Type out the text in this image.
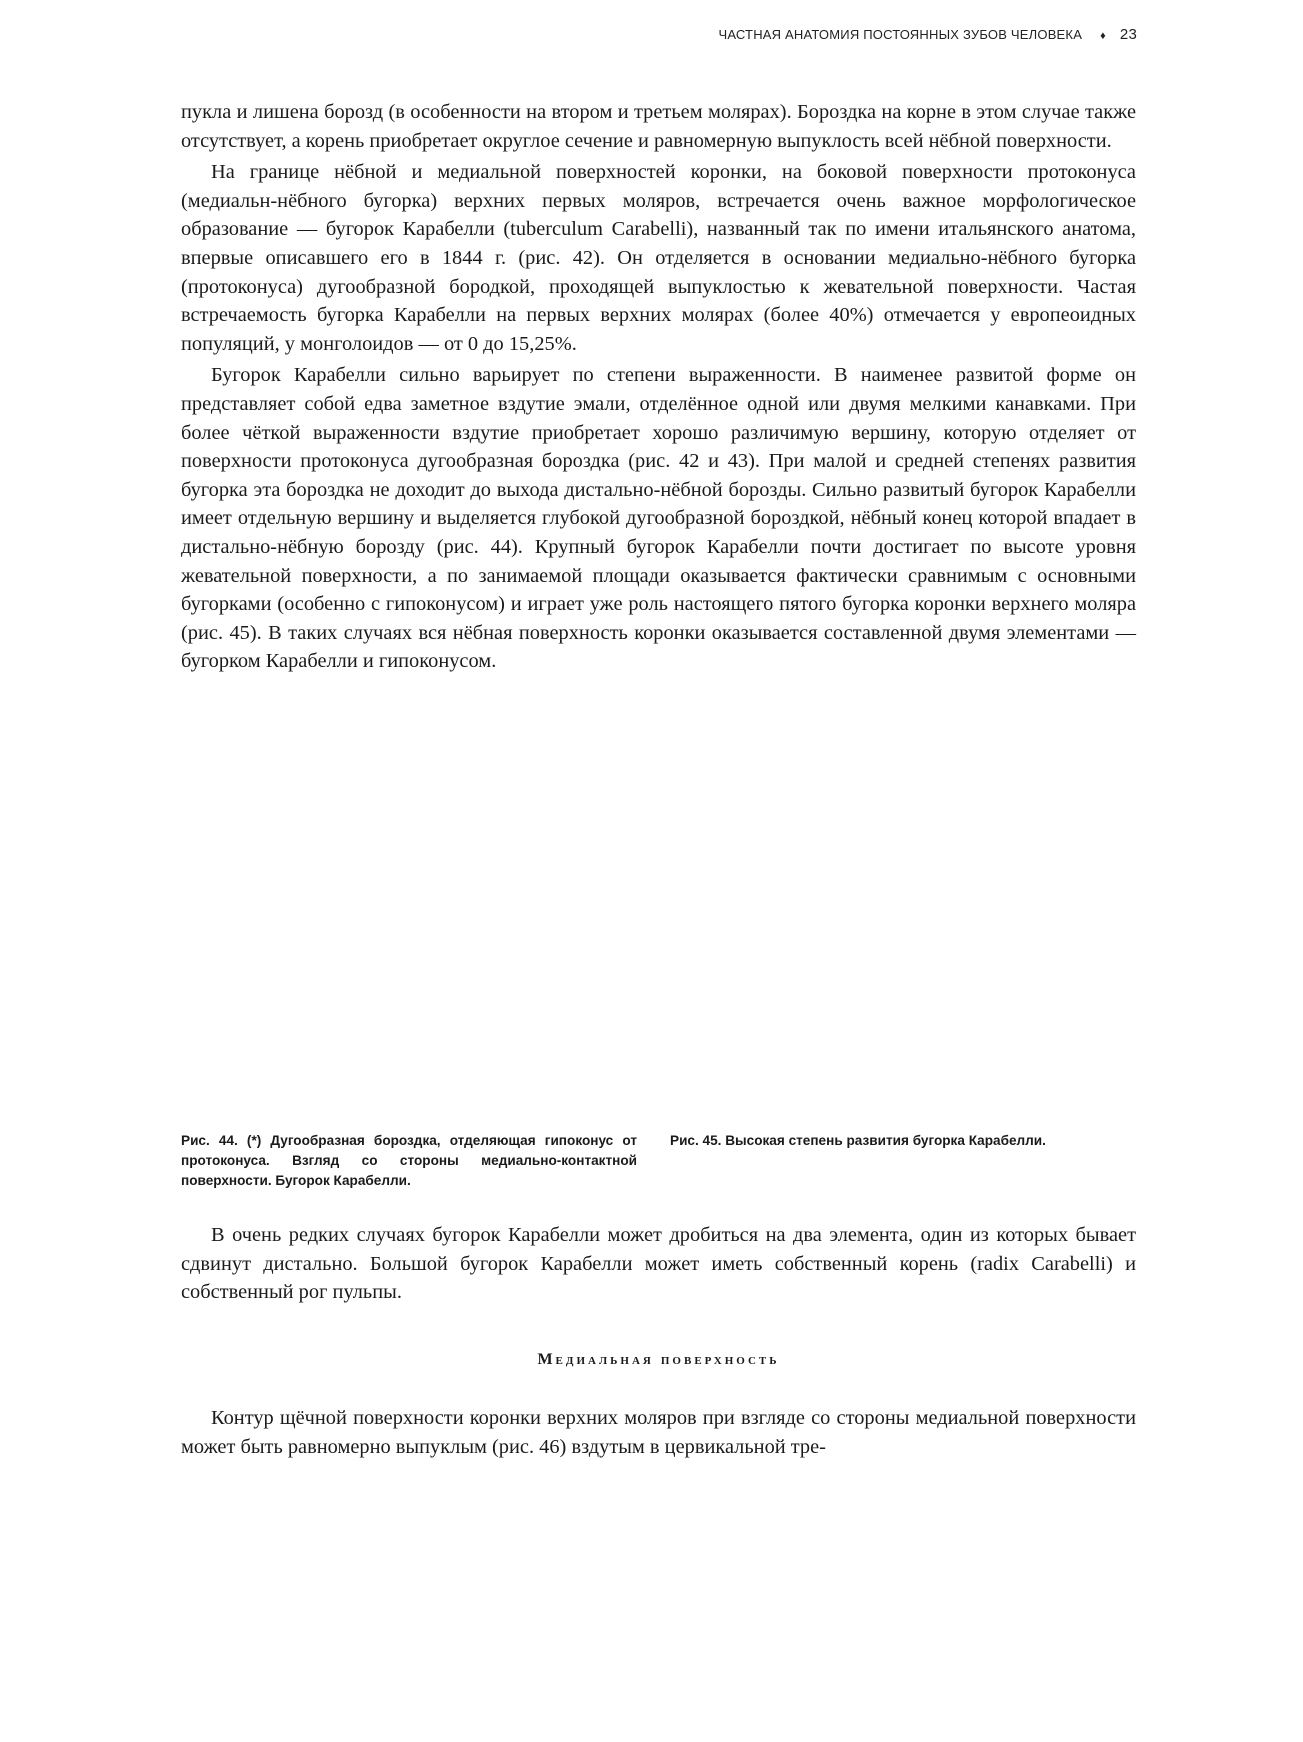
ЧАСТНАЯ АНАТОМИЯ ПОСТОЯННЫХ ЗУБОВ ЧЕЛОВЕКА ♦ 23

пукла и лишена борозд (в особенности на втором и третьем молярах). Бороздка на корне в этом случае также отсутствует, а корень приобретает округлое сечение и равномерную выпуклость всей нёбной поверхности.

На границе нёбной и медиальной поверхностей коронки, на боковой поверхности протоконуса (медиальн-нёбного бугорка) верхних первых моляров, встречается очень важное морфологическое образование — бугорок Карабелли (tuberculum Carabelli), названный так по имени итальянского анатома, впервые описавшего его в 1844 г. (рис. 42). Он отделяется в основании медиально-нёбного бугорка (протоконуса) дугообразной бородкой, проходящей выпуклостью к жевательной поверхности. Частая встречаемость бугорка Карабелли на первых верхних молярах (более 40%) отмечается у европеоидных популяций, у монголоидов — от 0 до 15,25%.

Бугорок Карабелли сильно варьирует по степени выраженности. В наименее развитой форме он представляет собой едва заметное вздутие эмали, отделённое одной или двумя мелкими канавками. При более чёткой выраженности вздутие приобретает хорошо различимую вершину, которую отделяет от поверхности протоконуса дугообразная бороздка (рис. 42 и 43). При малой и средней степенях развития бугорка эта бороздка не доходит до выхода дистально-нёбной борозды. Сильно развитый бугорок Карабелли имеет отдельную вершину и выделяется глубокой дугообразной бороздкой, нёбный конец которой впадает в дистально-нёбную борозду (рис. 44). Крупный бугорок Карабелли почти достигает по высоте уровня жевательной поверхности, а по занимаемой площади оказывается фактически сравнимым с основными бугорками (особенно с гипоконусом) и играет уже роль настоящего пятого бугорка коронки верхнего моляра (рис. 45). В таких случаях вся нёбная поверхность коронки оказывается составленной двумя элементами — бугорком Карабелли и гипоконусом.

Рис. 44. (*) Дугообразная бороздка, отделяющая гипоконус от протоконуса. Взгляд со стороны медиально-контактной поверхности. Бугорок Карабелли.
Рис. 45. Высокая степень развития бугорка Карабелли.

В очень редких случаях бугорок Карабелли может дробиться на два элемента, один из которых бывает сдвинут дистально. Большой бугорок Карабелли может иметь собственный корень (radix Carabelli) и собственный рог пульпы.

Медиальная поверхность

Контур щёчной поверхности коронки верхних моляров при взгляде со стороны медиальной поверхности может быть равномерно выпуклым (рис. 46) вздутым в цервикальной тре-
